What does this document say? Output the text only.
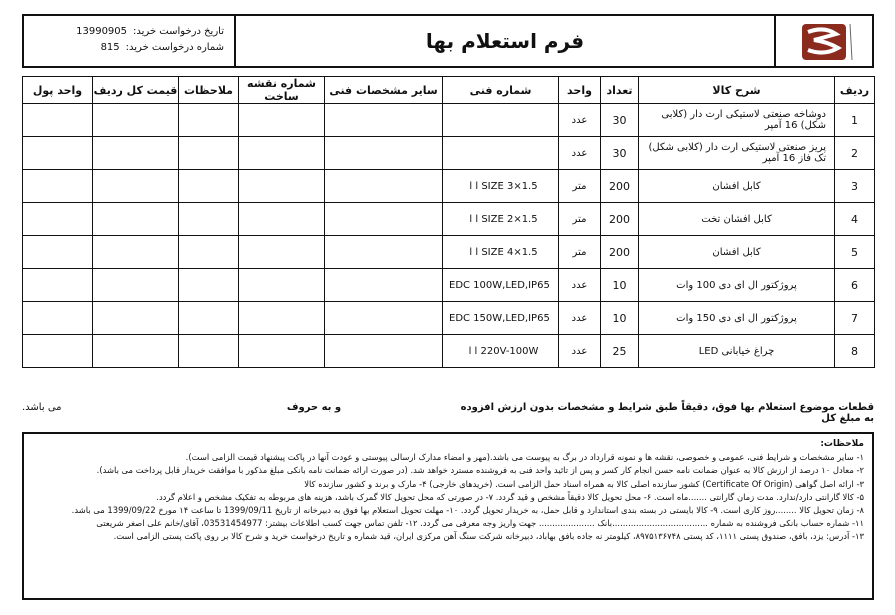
فرم استعلام بها
تاریخ درخواست خرید:
13990905
شماره درخواست خرید:
815
ردیف	شرح کالا	تعداد	واحد	شماره فنی	سایر مشخصات فنی	شماره نقشه ساخت	ملاحظات	قیمت کل ردیف	واحد پول
1	دوشاخه صنعتی لاستیکی ارت دار (کلابی شکل) 16 آمپر	30	عدد						
2	پریز صنعتی لاستیکی ارت دار (کلابی شکل) تک فاز 16 آمپر	30	عدد						
3	کابل افشان	200	متر	SIZE 3×1.5 ا ا					
4	کابل افشان تخت	200	متر	SIZE 2×1.5 ا ا					
5	کابل افشان	200	متر	SIZE 4×1.5 ا ا					
6	پروژکتور ال ای دی 100 وات	10	عدد	EDC 100W,LED,IP65					
7	پروژکتور ال ای دی 150 وات	10	عدد	EDC 150W,LED,IP65					
8	چراغ خیابانی LED	25	عدد	220V-100W ا ا					
قطعات موضوع استعلام بها فوق، دقیقاً طبق شرایط و مشخصات بدون ارزش افزوده به مبلغ کل
و به حروف
می باشد.
ملاحظات:
۱- سایر مشخصات و شرایط فنی، عمومی و خصوصی، نقشه ها و نمونه قرارداد در برگ به پیوست می باشد.(مهر و امضاء مدارک ارسالی پیوستی و عودت آنها در پاکت پیشنهاد قیمت الزامی است).
۲- معادل ۱۰ درصد از ارزش کالا به عنوان ضمانت نامه حسن انجام کار کسر و پس از تائید واحد فنی به فروشنده مسترد خواهد شد. (در صورت ارائه ضمانت نامه بانکی مبلغ مذکور با موافقت خریدار قابل پرداخت می باشد).
۳- ارائه اصل گواهی (Certificate Of Origin) کشور سازنده اصلی کالا به همراه اسناد حمل الزامی است. (خریدهای خارجی) ۴- مارک و برند و کشور سازنده کالا
۵- کالا گارانتی دارد/ندارد. مدت زمان گارانتی .......ماه است. ۶- محل تحویل کالا دقیقاً مشخص و قید گردد. ۷- در صورتی که محل تحویل کالا گمرک باشد، هزینه های مربوطه به تفکیک مشخص و اعلام گردد.
۸- زمان تحویل کالا ........روز کاری است. ۹- کالا بایستی در بسته بندی استاندارد و قابل حمل، به خریدار تحویل گردد. ۱۰- مهلت تحویل استعلام بها فوق به دبیرخانه از تاریخ 1399/09/11 تا ساعت ۱۴ مورخ 1399/09/22 می باشد.
۱۱- شماره حساب بانکی فروشنده به شماره ....................................بانک ..................... جهت واریز وجه معرفی می گردد. ۱۲- تلفن تماس جهت کسب اطلاعات بیشتر: 03531454977، آقای/خانم علی اصغر شریعتی
۱۳- آدرس: یزد، بافق، صندوق پستی ۱۱۱۱، کد پستی ۸۹۷۵۱۳۶۷۴۸، کیلومتر نه جاده بافق بهاباد، دبیرخانه شرکت سنگ آهن مرکزی ایران، قید شماره و تاریخ درخواست خرید و شرح کالا بر روی پاکت پستی الزامی است.
